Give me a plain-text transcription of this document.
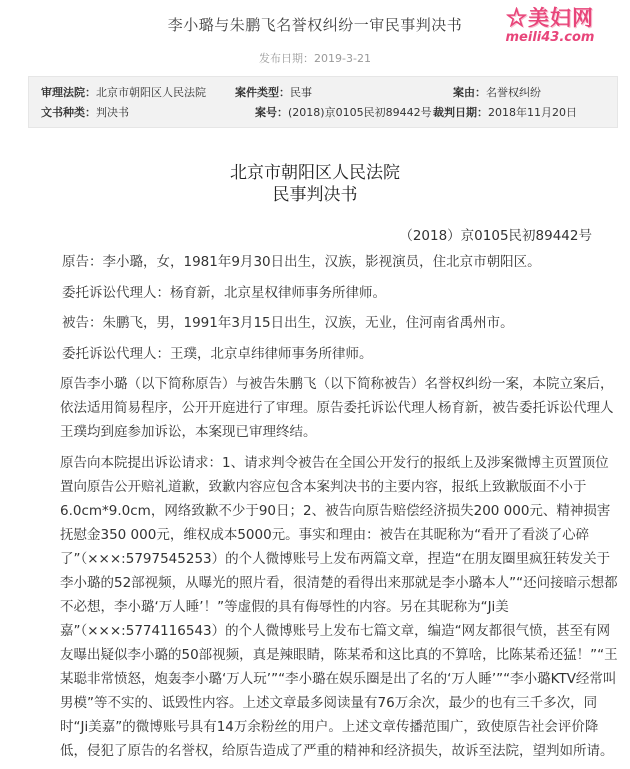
李小璐与朱鹏飞名誉权纠纷一审民事判决书
发布日期：2019-3-21
☆美妇网
meili43.com
审理法院：北京市朝阳区人民法院	案件类型：民事	案由：名誉权纠纷
文书种类：判决书	案号：(2018)京0105民初89442号 裁判日期：2018年11月20日
北京市朝阳区人民法院
民事判决书
（2018）京0105民初89442号

原告：李小璐，女，1981年9月30日出生，汉族，影视演员，住北京市朝阳区。

委托诉讼代理人：杨育新，北京星权律师事务所律师。

被告：朱鹏飞，男，1991年3月15日出生，汉族，无业，住河南省禹州市。

委托诉讼代理人：王璞，北京卓纬律师事务所律师。

原告李小璐（以下简称原告）与被告朱鹏飞（以下简称被告）名誉权纠纷一案，本院立案后，依法适用简易程序，公开开庭进行了审理。原告委托诉讼代理人杨育新，被告委托诉讼代理人王璞均到庭参加诉讼，本案现已审理终结。

原告向本院提出诉讼请求：1、请求判令被告在全国公开发行的报纸上及涉案微博主页置顶位置向原告公开赔礼道歉，致歉内容应包含本案判决书的主要内容，报纸上致歉版面不小于6.0cm*9.0cm，网络致歉不少于90日；2、被告向原告赔偿经济损失200 000元、精神损害抚慰金350 000元，维权成本5000元。事实和理由：被告在其昵称为“看开了看淡了心碎了”（×××:5797545253）的个人微博账号上发布两篇文章，捏造“在朋友圈里疯狂转发关于李小璐的52部视频，从曝光的照片看，很清楚的看得出来那就是李小璐本人”“还问接暗示想都不必想，李小璐‘万人睡’！”等虚假的具有侮辱性的内容。另在其昵称为“Ji美嘉”（×××:5774116543）的个人微博账号上发布七篇文章，编造“网友都很气愤，甚至有网友曝出疑似李小璐的50部视频，真是辣眼睛，陈某希和这比真的不算啥，比陈某希还猛！”“王某聪非常愤怒，炮轰李小璐‘万人玩’”“李小璐在娱乐圈是出了名的‘万人睡’”“李小璐KTV经常叫男模”等不实的、诋毁性内容。上述文章最多阅读量有76万余次，最少的也有三千多次，同时“Ji美嘉”的微博账号具有14万余粉丝的用户。上述文章传播范围广，致使原告社会评价降低，侵犯了原告的名誉权，给原告造成了严重的精神和经济损失，故诉至法院，望判如所请。
